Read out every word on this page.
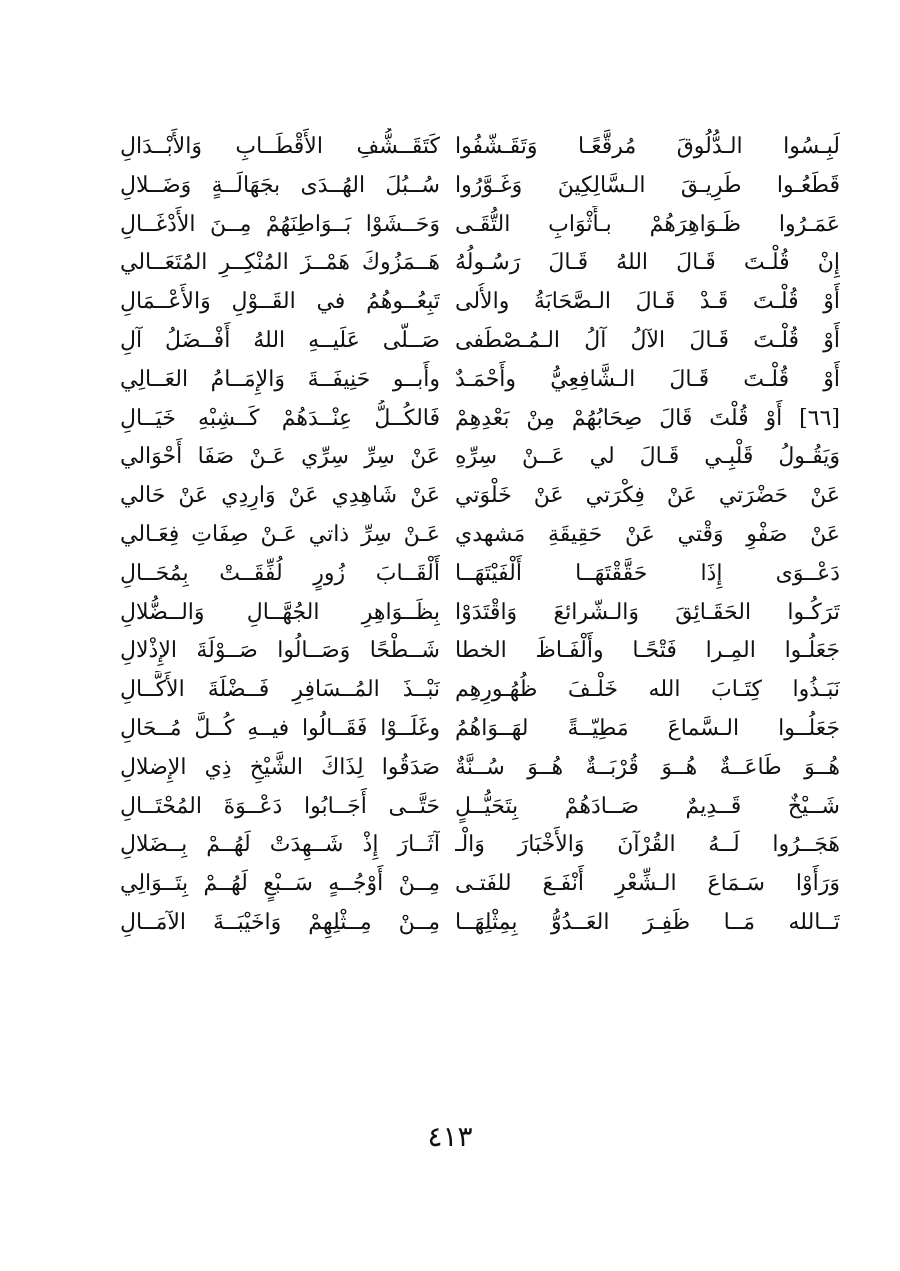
لَبِـسُوا الـدُّلُوقَ مُرقَّعًـا وَتَقَـشّفُوا
قَطَعُـوا طَرِيـقَ الـسَّالِكِينَ وَغَـوَّرُوا
عَمَـرُوا ظَـوَاهِرَهُمْ بـأَثْوَابِ التُّقَـى
إِنْ قُلْـتَ قَـالَ اللهُ قَـالَ رَسُـولُهُ
أَوْ قُلْـتَ قَـدْ قَـالَ الـصَّحَابَةُ والأُلى
أَوْ قُلْـتَ قَـالَ الآلُ آلُ الـمُـصْطَفى
أَوْ قُلْـتَ قَـالَ الـشَّافِعِيُّ وأَحْمَـدٌ
[٦٦] أَوْ قُلْتَ قَالَ صِحَابُهُمْ مِنْ بَعْدِهِمْ
وَيَقُـولُ قَلْبِـي قَـالَ لي عَــنْ سِرِّهِ
عَنْ حَضْرَتي عَنْ فِكْرَتي عَنْ خَلْوَتي
عَنْ صَفْوِ وَقْتي عَنْ حَقِيقَةِ مَشهدي
دَعْــوَى إِذَا حَقَّقْتَهَــا أَلْفَيْتَهَــا
تَرَكُـوا الحَقَـائِقَ وَالـشّرائعَ وَاقْتَدَوْا
جَعَلُـوا المِـرا فَتْحًـا وأَلْفَـاظَ الخطا
نَبَـذُوا كِتَـابَ الله خَلْـفَ ظُهُـورِهِم
جَعَلُــوا الـسَّماعَ مَطِيّــةً لهَــوَاهُمُ
هُــوَ طَاعَــةٌ هُــوَ قُرْبَــةٌ هُــوَ سُــنَّةٌ
شَــيْخٌ قَــدِيمٌ صَــادَهُمْ بِتَحَيُّــلٍ
هَجَــرُوا لَــهُ القُرْآنَ وَالأَخْبَارَ وَالْـ
وَرَأَوْا سَـمَاعَ الـشِّعْرِ أَنْفَـعَ للفَتـى
تَــالله مَــا ظَفِـرَ العَــدُوُّ بِمِثْلِهَــا
كَتَقَــشُّفِ الأَقْطَــابِ وَالأَبْــدَالِ
سُــبُلَ الهُــدَى بجَهَالَــةٍ وَضَــلالِ
وَحَــشَوْا بَــوَاطِنَهُمْ مِــنَ الأَدْغَــالِ
هَــمَزُوكَ هَمْــزَ المُنْكِــرِ المُتَعَــالي
تَبِعُــوهُمُ في القَــوْلِ وَالأَعْــمَالِ
صَــلّى عَلَيــهِ اللهُ أَفْــضَلُ آلِ
وأَبــو حَنِيفَــةَ وَالإِمَــامُ العَــالِي
فَالكُــلُّ عِنْــدَهُمْ كَــشِبْهِ خَيَــالِ
عَنْ سِرِّ سِرِّي عَـنْ صَفَا أَحْوَالي
عَنْ شَاهِدِي عَنْ وَارِدِي عَنْ حَالي
عَـنْ سِرِّ ذاتي عَـنْ صِفَاتِ فِعَـالي
أَلْقَــابَ زُورٍ لُفِّقَــتْ بِمُحَــالِ
بِظَــوَاهِرِ الجُهَّــالِ وَالــضُّلالِ
شَــطْحًا وَصَــالُوا صَــوْلَةَ الإِذْلالِ
نَبْــذَ المُــسَافِرِ فَــضْلَةَ الأَكَّــالِ
وغَلَــوْا فَقَــالُوا فيــهِ كُــلَّ مُــحَالِ
صَدَقُوا لِذَاكَ الشَّيْخِ ذِي الإِضلالِ
حَتَّــى أَجَــابُوا دَعْــوَةَ المُحْتَــالِ
آثَــارَ إِذْ شَــهِدَتْ لَهُــمْ بِــضَلالِ
مِــنْ أَوْجُــهٍ سَــبْعٍ لَهُــمْ بِتَــوَالِي
مِــنْ مِــثْلِهِمْ وَاخَيْبَــةَ الآمَــالِ
٤١٣
